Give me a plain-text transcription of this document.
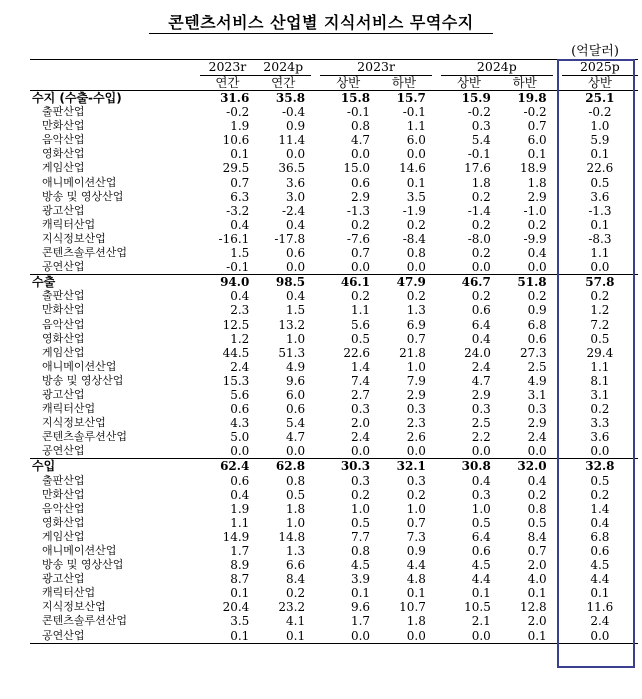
콘텐츠서비스 산업별 지식서비스 무역수지
(억달러)
	2023r	2024p		2023r			2024p			2025p
	연간	연간		상반	하반		상반	하반		상반
수지 (수출-수입)	31.6	35.8		15.8	15.7		15.9	19.8		25.1
출판산업	-0.2	-0.4		-0.1	-0.1		-0.2	-0.2		-0.2
만화산업	1.9	0.9		0.8	1.1		0.3	0.7		1.0
음악산업	10.6	11.4		4.7	6.0		5.4	6.0		5.9
영화산업	0.1	0.0		0.0	0.0		-0.1	0.1		0.1
게임산업	29.5	36.5		15.0	14.6		17.6	18.9		22.6
애니메이션산업	0.7	3.6		0.6	0.1		1.8	1.8		0.5
방송 및 영상산업	6.3	3.0		2.9	3.5		0.2	2.9		3.6
광고산업	-3.2	-2.4		-1.3	-1.9		-1.4	-1.0		-1.3
캐릭터산업	0.4	0.4		0.2	0.2		0.2	0.2		0.1
지식정보산업	-16.1	-17.8		-7.6	-8.4		-8.0	-9.9		-8.3
콘텐츠솔루션산업	1.5	0.6		0.7	0.8		0.2	0.4		1.1
공연산업	-0.1	0.0		0.0	0.0		0.0	0.0		0.0
수출	94.0	98.5		46.1	47.9		46.7	51.8		57.8
출판산업	0.4	0.4		0.2	0.2		0.2	0.2		0.2
만화산업	2.3	1.5		1.1	1.3		0.6	0.9		1.2
음악산업	12.5	13.2		5.6	6.9		6.4	6.8		7.2
영화산업	1.2	1.0		0.5	0.7		0.4	0.6		0.5
게임산업	44.5	51.3		22.6	21.8		24.0	27.3		29.4
애니메이션산업	2.4	4.9		1.4	1.0		2.4	2.5		1.1
방송 및 영상산업	15.3	9.6		7.4	7.9		4.7	4.9		8.1
광고산업	5.6	6.0		2.7	2.9		2.9	3.1		3.1
캐릭터산업	0.6	0.6		0.3	0.3		0.3	0.3		0.2
지식정보산업	4.3	5.4		2.0	2.3		2.5	2.9		3.3
콘텐츠솔루션산업	5.0	4.7		2.4	2.6		2.2	2.4		3.6
공연산업	0.0	0.0		0.0	0.0		0.0	0.0		0.0
수입	62.4	62.8		30.3	32.1		30.8	32.0		32.8
출판산업	0.6	0.8		0.3	0.3		0.4	0.4		0.5
만화산업	0.4	0.5		0.2	0.2		0.3	0.2		0.2
음악산업	1.9	1.8		1.0	1.0		1.0	0.8		1.4
영화산업	1.1	1.0		0.5	0.7		0.5	0.5		0.4
게임산업	14.9	14.8		7.7	7.3		6.4	8.4		6.8
애니메이션산업	1.7	1.3		0.8	0.9		0.6	0.7		0.6
방송 및 영상산업	8.9	6.6		4.5	4.4		4.5	2.0		4.5
광고산업	8.7	8.4		3.9	4.8		4.4	4.0		4.4
캐릭터산업	0.1	0.2		0.1	0.1		0.1	0.1		0.1
지식정보산업	20.4	23.2		9.6	10.7		10.5	12.8		11.6
콘텐츠솔루션산업	3.5	4.1		1.7	1.8		2.1	2.0		2.4
공연산업	0.1	0.1		0.0	0.0		0.0	0.1		0.0
